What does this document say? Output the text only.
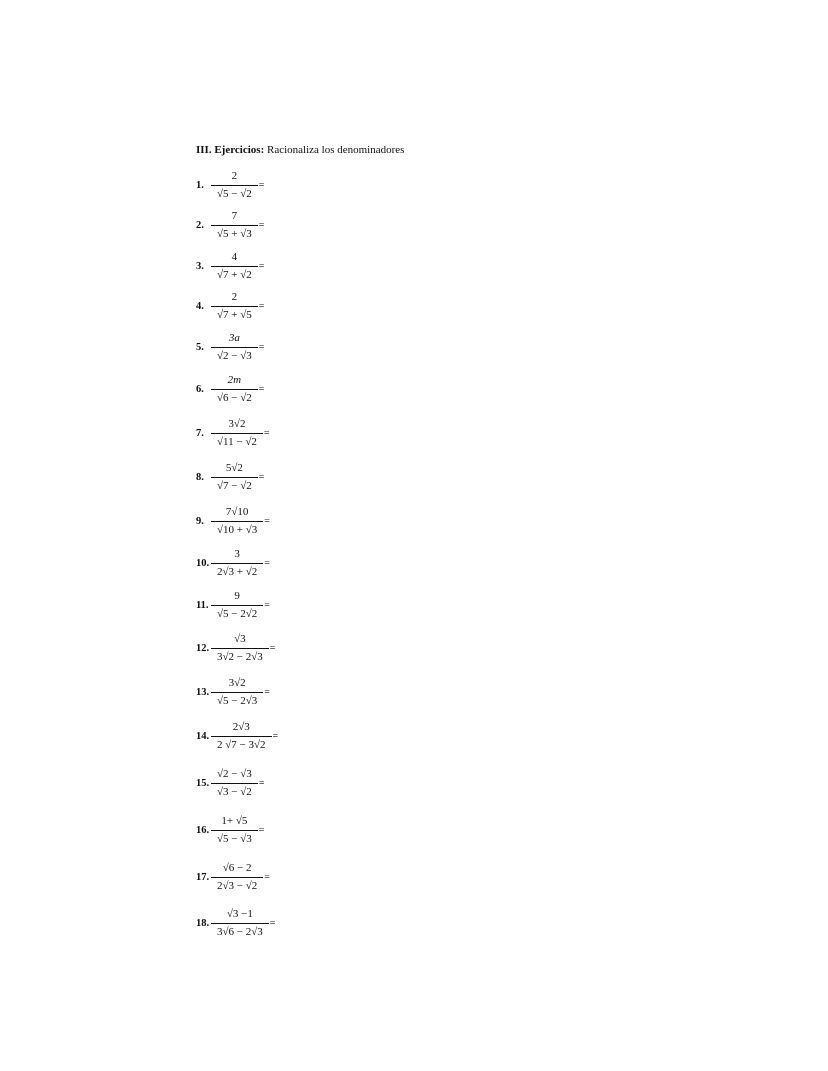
III. Ejercicios: Racionaliza los denominadores
1. $\frac{2}{√5 - √2}$ =
2. $\frac{7}{√5 + √3}$ =
3. $\frac{4}{√7 + √2}$ =
4. $\frac{2}{√7 + √5}$ =
5. $\frac{3a}{√2 - √3}$ =
6. $\frac{2m}{√6 - √2}$ =
7. $\frac{3√2}{√11 - √2}$ =
8. $\frac{5√2}{√7 - √2}$ =
9. $\frac{7√10}{√10 + √3}$ =
10. $\frac{3}{2√3 + √2}$ =
11. $\frac{9}{√5 - 2√2}$ =
12. $\frac{√3}{3√2 - 2√3}$ =
13. $\frac{3√2}{√5 - 2√3}$ =
14. $\frac{2√3}{2 √7 - 3√2}$ =
15. $\frac{√2 - √3}{√3 - √2}$ =
16. $\frac{1+ √5}{√5 - √3}$ =
17. $\frac{√6 - 2}{2√3 - √2}$ =
18. $\frac{√3 -1}{3√6 - 2√3}$ =
